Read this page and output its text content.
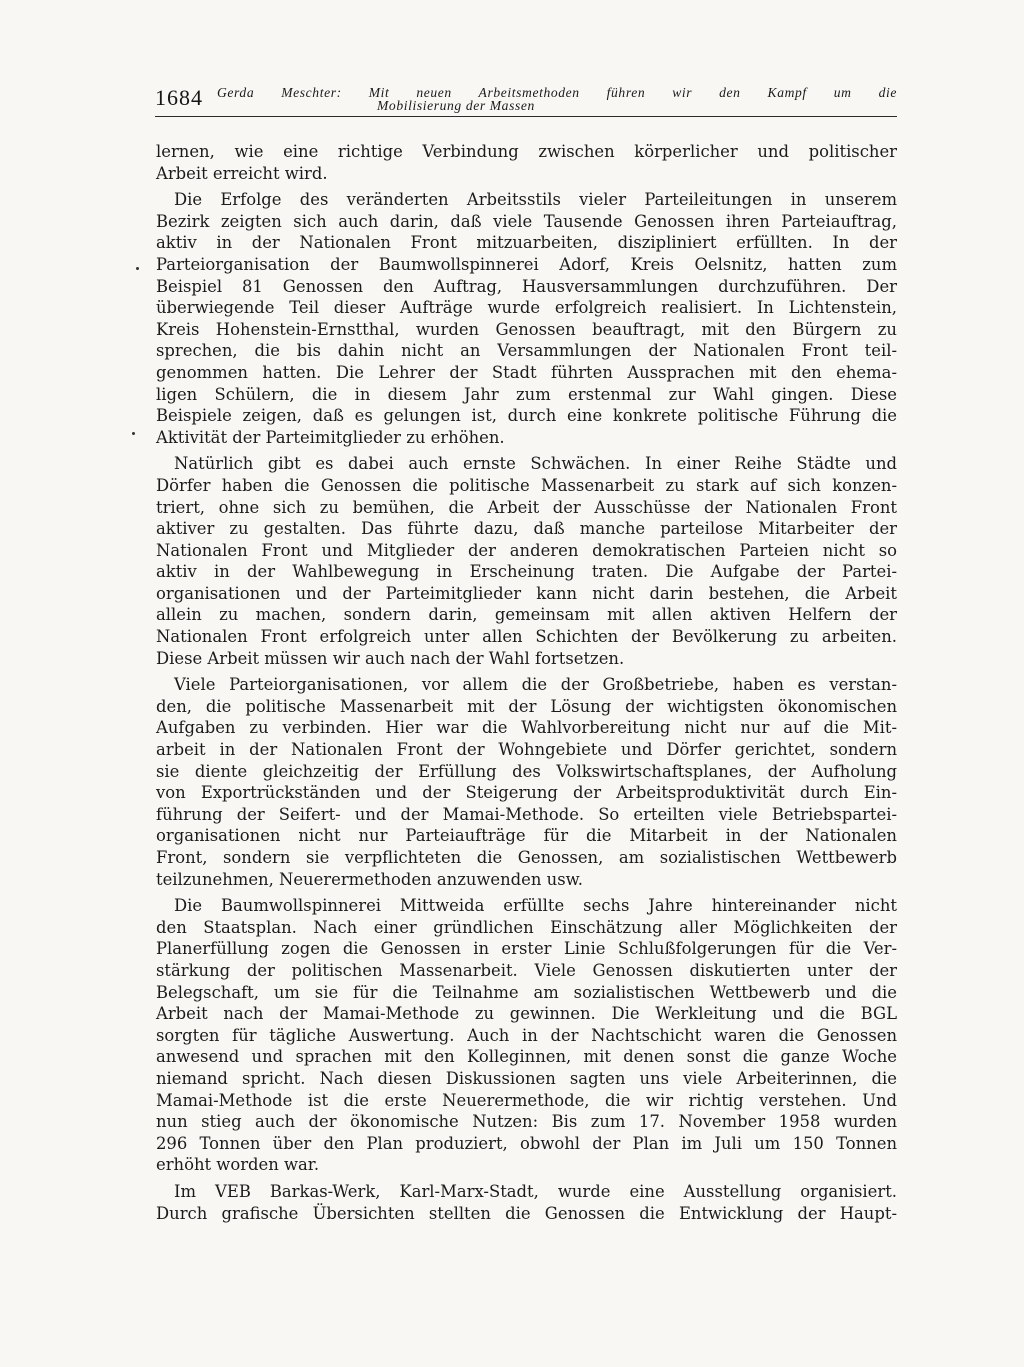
1684 Gerda Meschter: Mit neuen Arbeitsmethoden führen wir den Kampf um die
Mobilisierung der Massen

lernen, wie eine richtige Verbindung zwischen körperlicher und politischer
Arbeit erreicht wird.

Die Erfolge des veränderten Arbeitsstils vieler Parteileitungen in unserem
Bezirk zeigten sich auch darin, daß viele Tausende Genossen ihren Parteiauftrag,
aktiv in der Nationalen Front mitzuarbeiten, diszipliniert erfüllten. In der
Parteiorganisation der Baumwollspinnerei Adorf, Kreis Oelsnitz, hatten zum
Beispiel 81 Genossen den Auftrag, Hausversammlungen durchzuführen. Der
überwiegende Teil dieser Aufträge wurde erfolgreich realisiert. In Lichtenstein,
Kreis Hohenstein-Ernstthal, wurden Genossen beauftragt, mit den Bürgern zu
sprechen, die bis dahin nicht an Versammlungen der Nationalen Front teil-
genommen hatten. Die Lehrer der Stadt führten Aussprachen mit den ehema-
ligen Schülern, die in diesem Jahr zum erstenmal zur Wahl gingen. Diese
Beispiele zeigen, daß es gelungen ist, durch eine konkrete politische Führung die
Aktivität der Parteimitglieder zu erhöhen.

Natürlich gibt es dabei auch ernste Schwächen. In einer Reihe Städte und
Dörfer haben die Genossen die politische Massenarbeit zu stark auf sich konzen-
triert, ohne sich zu bemühen, die Arbeit der Ausschüsse der Nationalen Front
aktiver zu gestalten. Das führte dazu, daß manche parteilose Mitarbeiter der
Nationalen Front und Mitglieder der anderen demokratischen Parteien nicht so
aktiv in der Wahlbewegung in Erscheinung traten. Die Aufgabe der Partei-
organisationen und der Parteimitglieder kann nicht darin bestehen, die Arbeit
allein zu machen, sondern darin, gemeinsam mit allen aktiven Helfern der
Nationalen Front erfolgreich unter allen Schichten der Bevölkerung zu arbeiten.
Diese Arbeit müssen wir auch nach der Wahl fortsetzen.

Viele Parteiorganisationen, vor allem die der Großbetriebe, haben es verstan-
den, die politische Massenarbeit mit der Lösung der wichtigsten ökonomischen
Aufgaben zu verbinden. Hier war die Wahlvorbereitung nicht nur auf die Mit-
arbeit in der Nationalen Front der Wohngebiete und Dörfer gerichtet, sondern
sie diente gleichzeitig der Erfüllung des Volkswirtschaftsplanes, der Aufholung
von Exportrückständen und der Steigerung der Arbeitsproduktivität durch Ein-
führung der Seifert- und der Mamai-Methode. So erteilten viele Betriebspartei-
organisationen nicht nur Parteiaufträge für die Mitarbeit in der Nationalen
Front, sondern sie verpflichteten die Genossen, am sozialistischen Wettbewerb
teilzunehmen, Neuerermethoden anzuwenden usw.

Die Baumwollspinnerei Mittweida erfüllte sechs Jahre hintereinander nicht
den Staatsplan. Nach einer gründlichen Einschätzung aller Möglichkeiten der
Planerfüllung zogen die Genossen in erster Linie Schlußfolgerungen für die Ver-
stärkung der politischen Massenarbeit. Viele Genossen diskutierten unter der
Belegschaft, um sie für die Teilnahme am sozialistischen Wettbewerb und die
Arbeit nach der Mamai-Methode zu gewinnen. Die Werkleitung und die BGL
sorgten für tägliche Auswertung. Auch in der Nachtschicht waren die Genossen
anwesend und sprachen mit den Kolleginnen, mit denen sonst die ganze Woche
niemand spricht. Nach diesen Diskussionen sagten uns viele Arbeiterinnen, die
Mamai-Methode ist die erste Neuerermethode, die wir richtig verstehen. Und
nun stieg auch der ökonomische Nutzen: Bis zum 17. November 1958 wurden
296 Tonnen über den Plan produziert, obwohl der Plan im Juli um 150 Tonnen
erhöht worden war.

Im VEB Barkas-Werk, Karl-Marx-Stadt, wurde eine Ausstellung organisiert.
Durch grafische Übersichten stellten die Genossen die Entwicklung der Haupt-
